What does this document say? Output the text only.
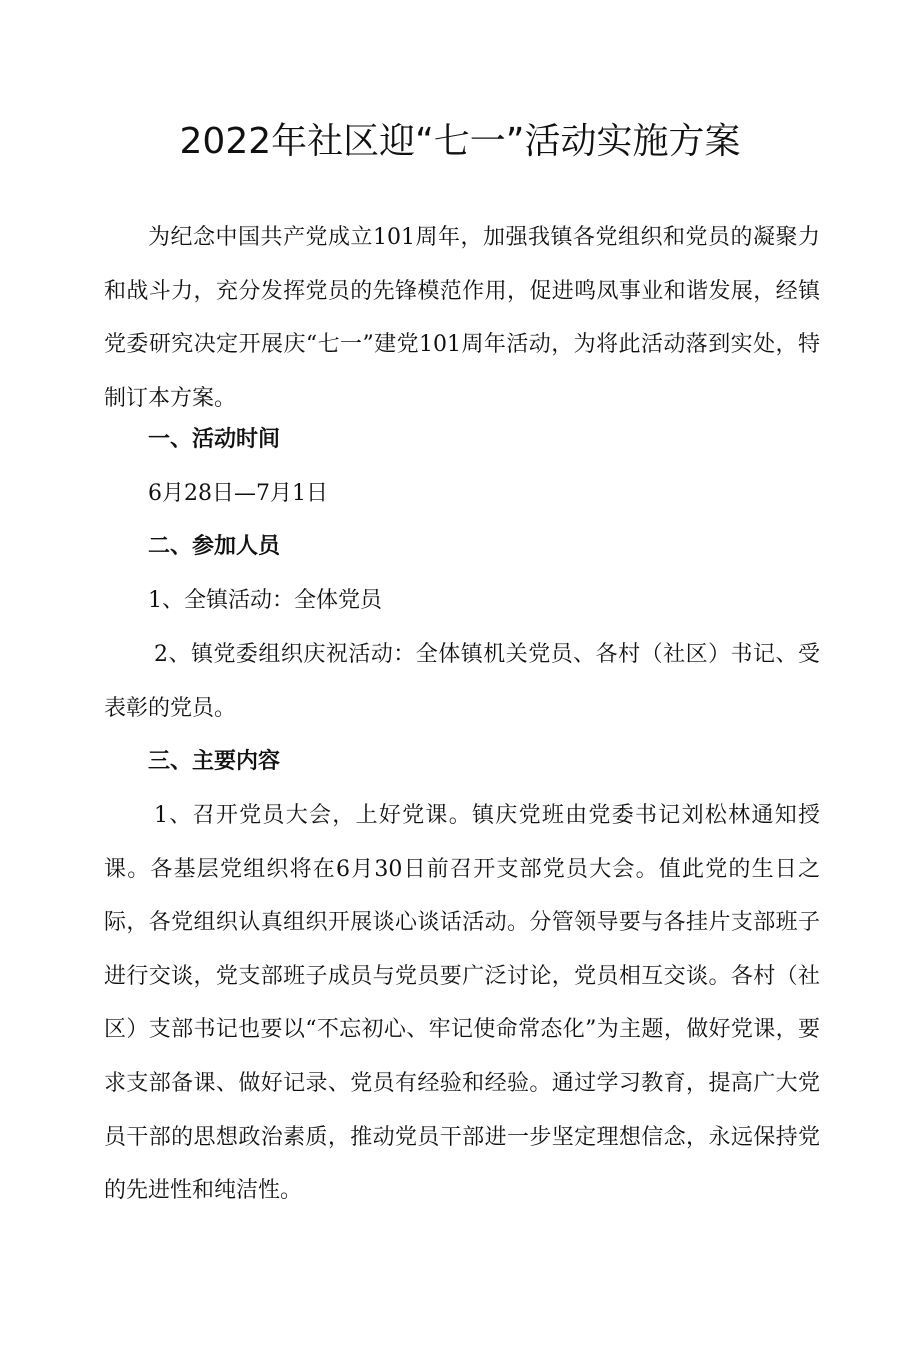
2022年社区迎“七一”活动实施方案

为纪念中国共产党成立101周年，加强我镇各党组织和党员的凝聚力和战斗力，充分发挥党员的先锋模范作用，促进鸣凤事业和谐发展，经镇党委研究决定开展庆“七一”建党101周年活动，为将此活动落到实处，特制订本方案。

一、活动时间

6月28日—7月1日

二、参加人员

1、全镇活动：全体党员

2、镇党委组织庆祝活动：全体镇机关党员、各村（社区）书记、受表彰的党员。

三、主要内容

1、召开党员大会，上好党课。镇庆党班由党委书记刘松林通知授课。各基层党组织将在6月30日前召开支部党员大会。值此党的生日之际，各党组织认真组织开展谈心谈话活动。分管领导要与各挂片支部班子进行交谈，党支部班子成员与党员要广泛讨论，党员相互交谈。各村（社区）支部书记也要以“不忘初心、牢记使命常态化”为主题，做好党课，要求支部备课、做好记录、党员有经验和经验。通过学习教育，提高广大党员干部的思想政治素质，推动党员干部进一步坚定理想信念，永远保持党的先进性和纯洁性。
